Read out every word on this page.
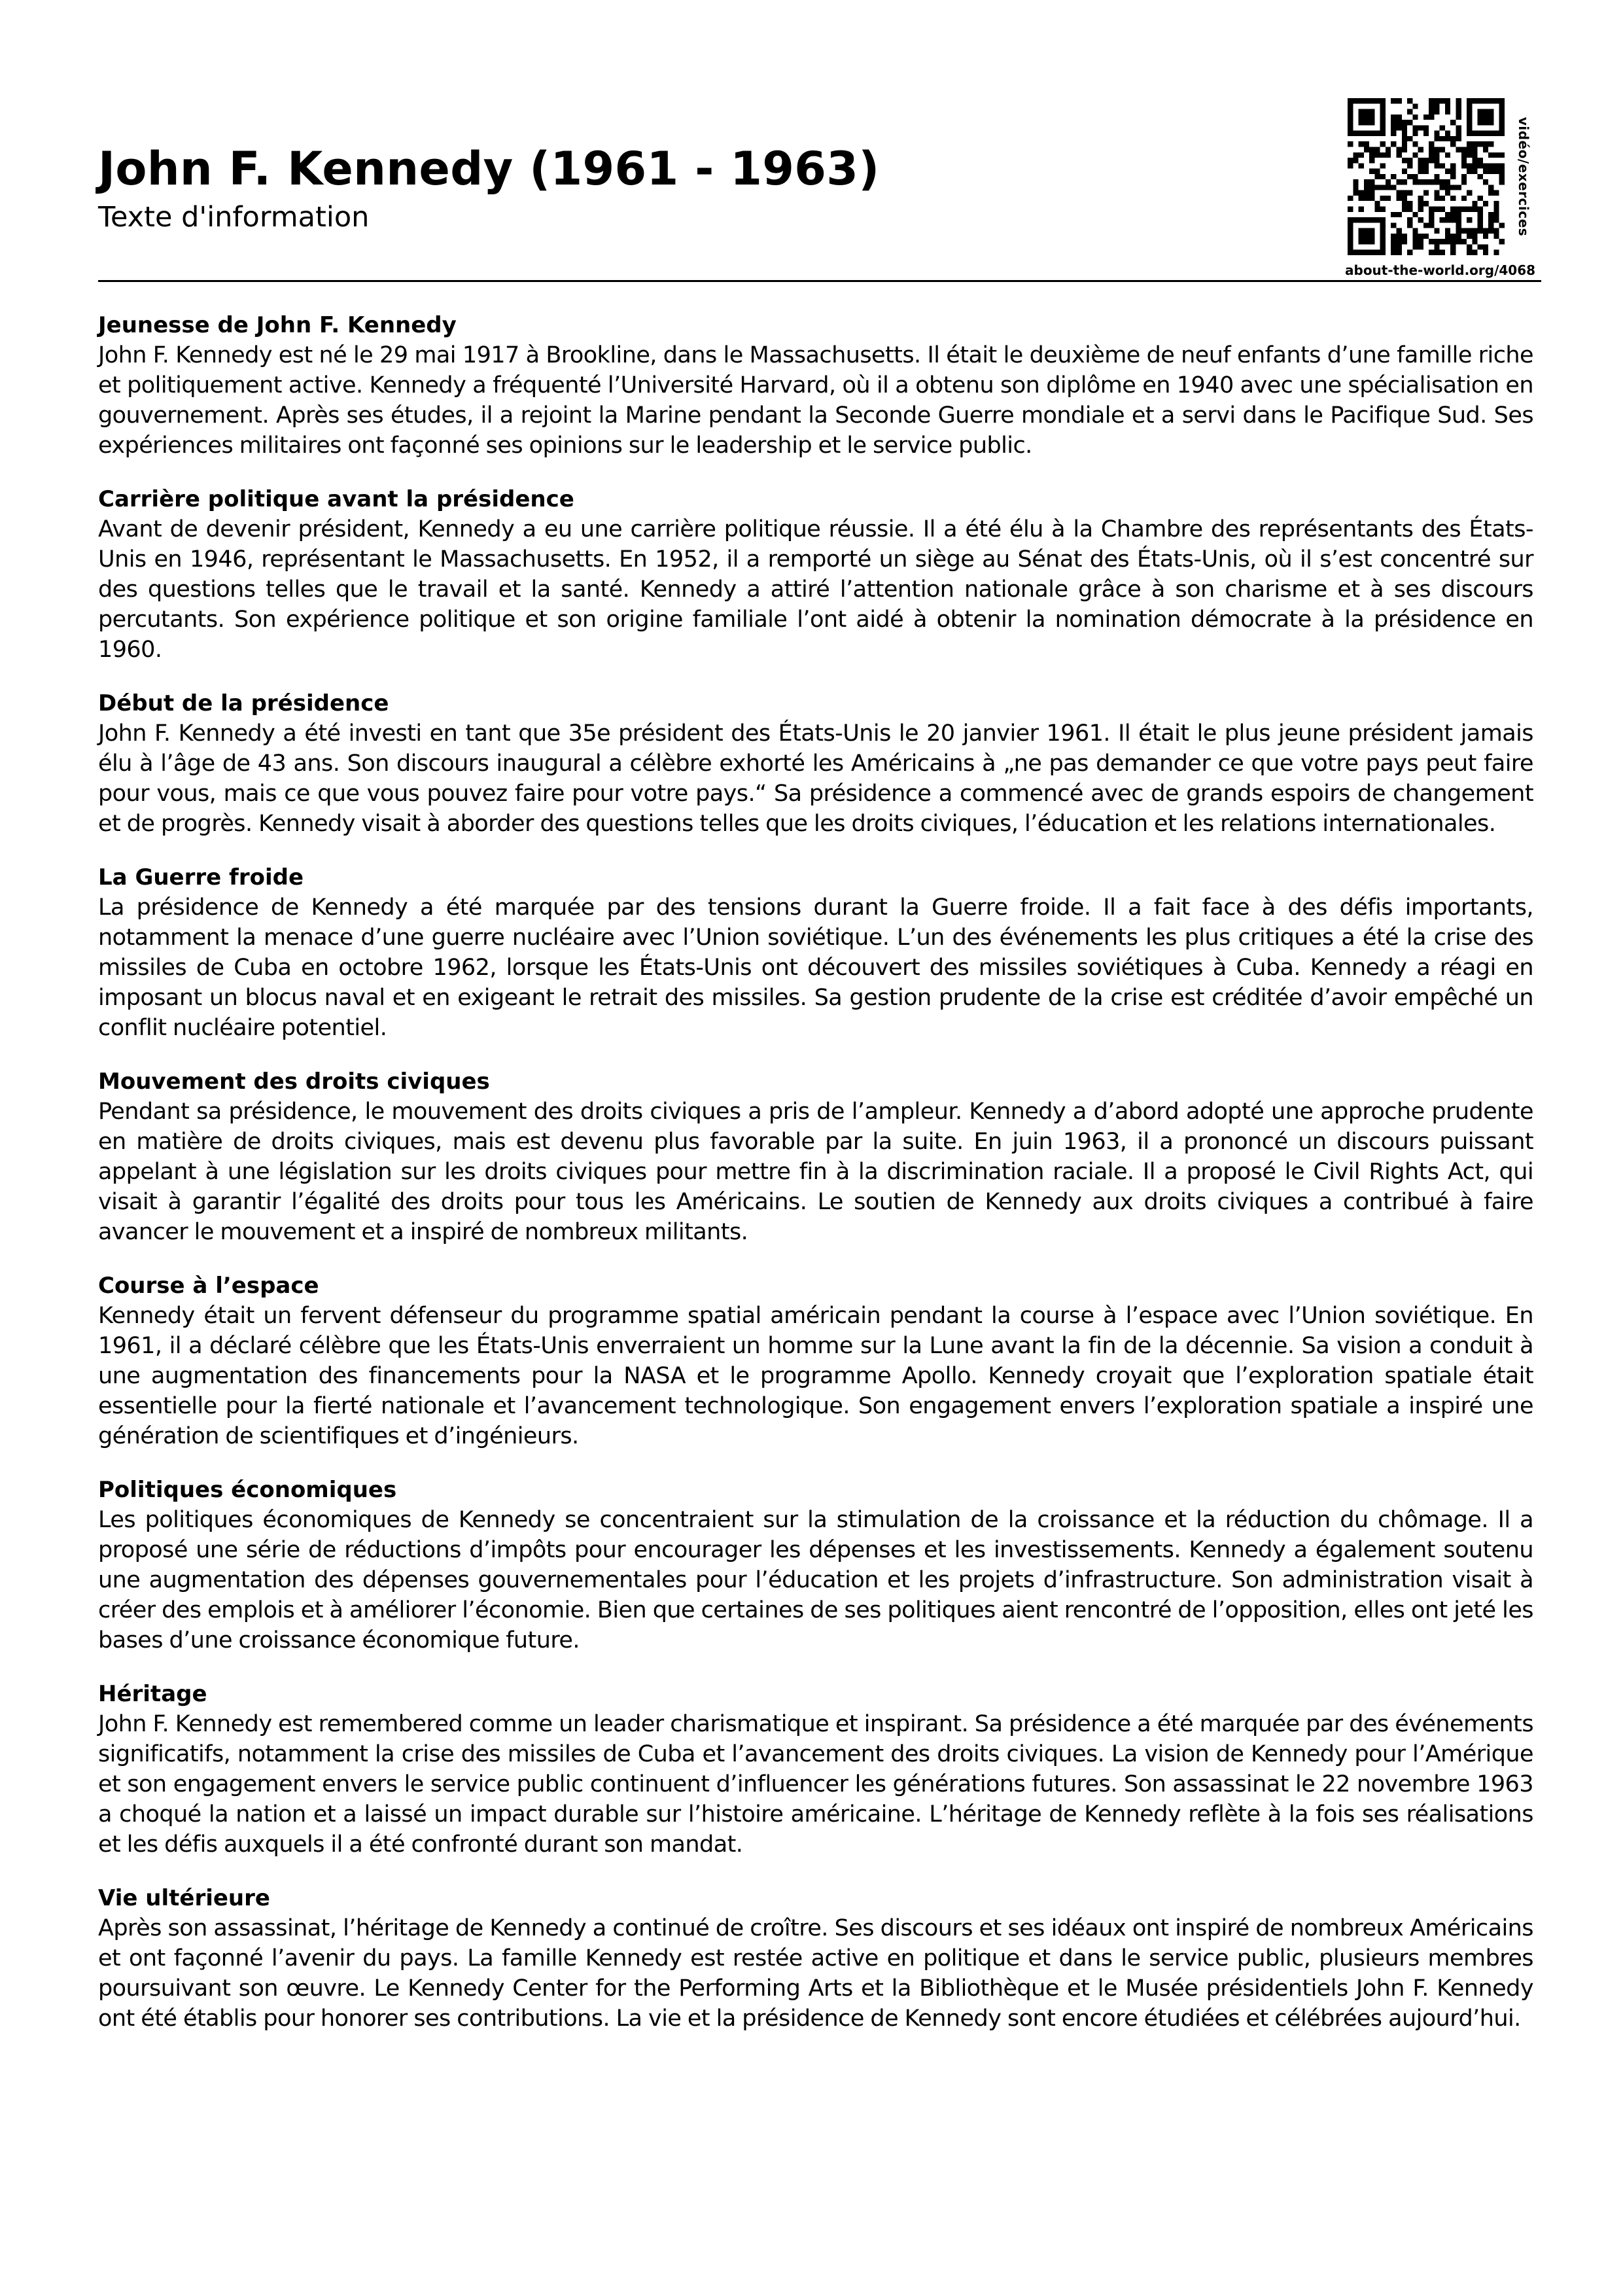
John F. Kennedy (1961 - 1963)
Texte d'information	vidéo/exercices
about-the-world.org/4068
Jeunesse de John F. Kennedy

John F. Kennedy est né le 29 mai 1917 à Brookline, dans le Massachusetts. Il était le deuxième de neuf enfants d’une famille riche et politiquement active. Kennedy a fréquenté l’Université Harvard, où il a obtenu son diplôme en 1940 avec une spécialisation en gouvernement. Après ses études, il a rejoint la Marine pendant la Seconde Guerre mondiale et a servi dans le Pacifique Sud. Ses expériences militaires ont façonné ses opinions sur le leadership et le service public.

Carrière politique avant la présidence

Avant de devenir président, Kennedy a eu une carrière politique réussie. Il a été élu à la Chambre des représentants des États-Unis en 1946, représentant le Massachusetts. En 1952, il a remporté un siège au Sénat des États-Unis, où il s’est concentré sur des questions telles que le travail et la santé. Kennedy a attiré l’attention nationale grâce à son charisme et à ses discours percutants. Son expérience politique et son origine familiale l’ont aidé à obtenir la nomination démocrate à la présidence en 1960.

Début de la présidence

John F. Kennedy a été investi en tant que 35e président des États-Unis le 20 janvier 1961. Il était le plus jeune président jamais élu à l’âge de 43 ans. Son discours inaugural a célèbre exhorté les Américains à „ne pas demander ce que votre pays peut faire pour vous, mais ce que vous pouvez faire pour votre pays.“ Sa présidence a commencé avec de grands espoirs de changement et de progrès. Kennedy visait à aborder des questions telles que les droits civiques, l’éducation et les relations internationales.

La Guerre froide

La présidence de Kennedy a été marquée par des tensions durant la Guerre froide. Il a fait face à des défis importants, notamment la menace d’une guerre nucléaire avec l’Union soviétique. L’un des événements les plus critiques a été la crise des missiles de Cuba en octobre 1962, lorsque les États-Unis ont découvert des missiles soviétiques à Cuba. Kennedy a réagi en imposant un blocus naval et en exigeant le retrait des missiles. Sa gestion prudente de la crise est créditée d’avoir empêché un conflit nucléaire potentiel.

Mouvement des droits civiques

Pendant sa présidence, le mouvement des droits civiques a pris de l’ampleur. Kennedy a d’abord adopté une approche prudente en matière de droits civiques, mais est devenu plus favorable par la suite. En juin 1963, il a prononcé un discours puissant appelant à une législation sur les droits civiques pour mettre fin à la discrimination raciale. Il a proposé le Civil Rights Act, qui visait à garantir l’égalité des droits pour tous les Américains. Le soutien de Kennedy aux droits civiques a contribué à faire avancer le mouvement et a inspiré de nombreux militants.

Course à l’espace

Kennedy était un fervent défenseur du programme spatial américain pendant la course à l’espace avec l’Union soviétique. En 1961, il a déclaré célèbre que les États-Unis enverraient un homme sur la Lune avant la fin de la décennie. Sa vision a conduit à une augmentation des financements pour la NASA et le programme Apollo. Kennedy croyait que l’exploration spatiale était essentielle pour la fierté nationale et l’avancement technologique. Son engagement envers l’exploration spatiale a inspiré une génération de scientifiques et d’ingénieurs.

Politiques économiques

Les politiques économiques de Kennedy se concentraient sur la stimulation de la croissance et la réduction du chômage. Il a proposé une série de réductions d’impôts pour encourager les dépenses et les investissements. Kennedy a également soutenu une augmentation des dépenses gouvernementales pour l’éducation et les projets d’infrastructure. Son administration visait à créer des emplois et à améliorer l’économie. Bien que certaines de ses politiques aient rencontré de l’opposition, elles ont jeté les bases d’une croissance économique future.

Héritage

John F. Kennedy est remembered comme un leader charismatique et inspirant. Sa présidence a été marquée par des événements significatifs, notamment la crise des missiles de Cuba et l’avancement des droits civiques. La vision de Kennedy pour l’Amérique et son engagement envers le service public continuent d’influencer les générations futures. Son assassinat le 22 novembre 1963 a choqué la nation et a laissé un impact durable sur l’histoire américaine. L’héritage de Kennedy reflète à la fois ses réalisations et les défis auxquels il a été confronté durant son mandat.

Vie ultérieure

Après son assassinat, l’héritage de Kennedy a continué de croître. Ses discours et ses idéaux ont inspiré de nombreux Américains et ont façonné l’avenir du pays. La famille Kennedy est restée active en politique et dans le service public, plusieurs membres poursuivant son œuvre. Le Kennedy Center for the Performing Arts et la Bibliothèque et le Musée présidentiels John F. Kennedy ont été établis pour honorer ses contributions. La vie et la présidence de Kennedy sont encore étudiées et célébrées aujourd’hui.
